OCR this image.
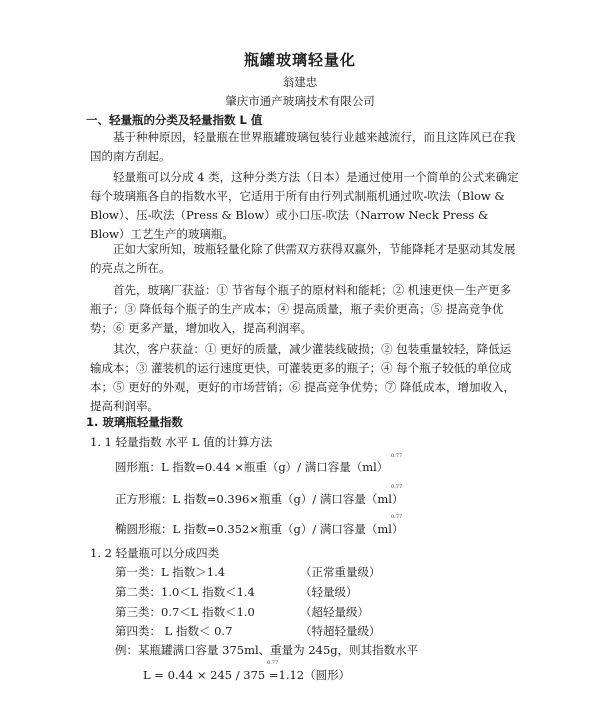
瓶罐玻璃轻量化
翁建忠
肇庆市通产玻璃技术有限公司
一、轻量瓶的分类及轻量指数 L 值
基于种种原因，轻量瓶在世界瓶罐玻璃包装行业越来越流行，而且这阵风已在我国的南方刮起。
轻量瓶可以分成 4 类，这种分类方法（日本）是通过使用一个简单的公式来确定每个玻璃瓶各自的指数水平，它适用于所有由行列式制瓶机通过吹-吹法（Blow & Blow）、压-吹法（Press & Blow）或小口压-吹法（Narrow Neck Press & Blow）工艺生产的玻璃瓶。
正如大家所知，玻瓶轻量化除了供需双方获得双赢外，节能降耗才是驱动其发展的亮点之所在。
首先，玻璃厂获益：① 节省每个瓶子的原材料和能耗；② 机速更快－生产更多瓶子；③ 降低每个瓶子的生产成本；④ 提高质量，瓶子卖价更高；⑤ 提高竞争优势；⑥ 更多产量，增加收入，提高利润率。
其次，客户获益：① 更好的质量，减少灌装线破损；② 包装重量较轻，降低运输成本；③ 灌装机的运行速度更快，可灌装更多的瓶子；④ 每个瓶子较低的单位成本；⑤ 更好的外观，更好的市场营销；⑥ 提高竞争优势；⑦ 降低成本，增加收入，提高利润率。
1. 玻璃瓶轻量指数
1. 1 轻量指数 水平 L 值的计算方法
圆形瓶：L 指数=0.44 ×瓶重（g）/ 满口容量（ml）
0.77
正方形瓶：L 指数=0.396×瓶重（g）/ 满口容量（ml）
0.77
椭圆形瓶：L 指数=0.352×瓶重（g）/ 满口容量（ml）
0.77
1. 2 轻量瓶可以分成四类
第一类：L 指数＞1.4	（正常重量级）
第二类：1.0＜L 指数＜1.4	（轻量级）
第三类：0.7＜L 指数＜1.0	（超轻量级）
第四类： L 指数＜ 0.7	（特超轻量级）
例：某瓶罐满口容量 375ml、重量为 245g，则其指数水平
L = 0.44 × 245 / 375 =1.12（圆形）
0.77
